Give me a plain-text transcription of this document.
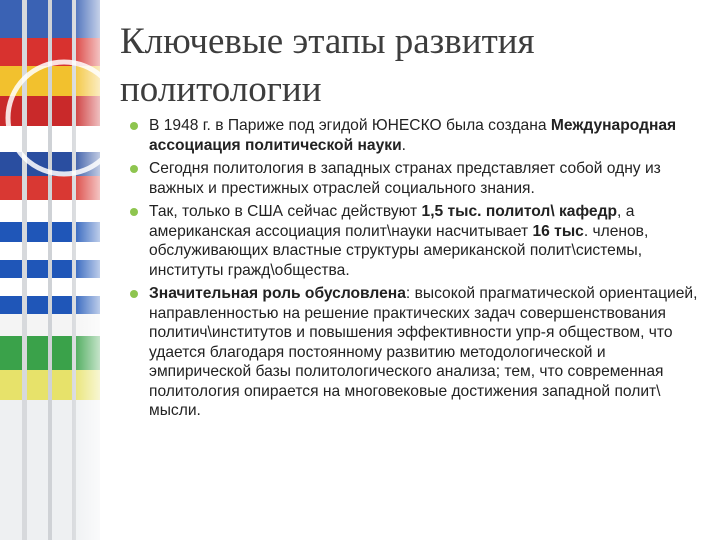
Ключевые этапы развития
политологии
В 1948 г. в Париже под эгидой ЮНЕСКО была создана Международная ассоциация политической науки.
Сегодня политология в западных странах представляет собой одну из важных и престижных отраслей социального знания.
Так, только в США сейчас действуют 1,5 тыс. политол\ кафедр, а американская ассоциация полит\науки насчитывает 16 тыс. членов, обслуживающих властные структуры американской полит\системы, институты гражд\общества.
Значительная роль обусловлена: высокой прагматической ориентацией, направленностью на решение практических задач совершенствования политич\институтов и повышения эффективности упр-я обществом, что удается благодаря постоянному развитию методологической и эмпирической базы политологического анализа; тем, что современная политология опирается на многовековые достижения западной полит\ мысли.
